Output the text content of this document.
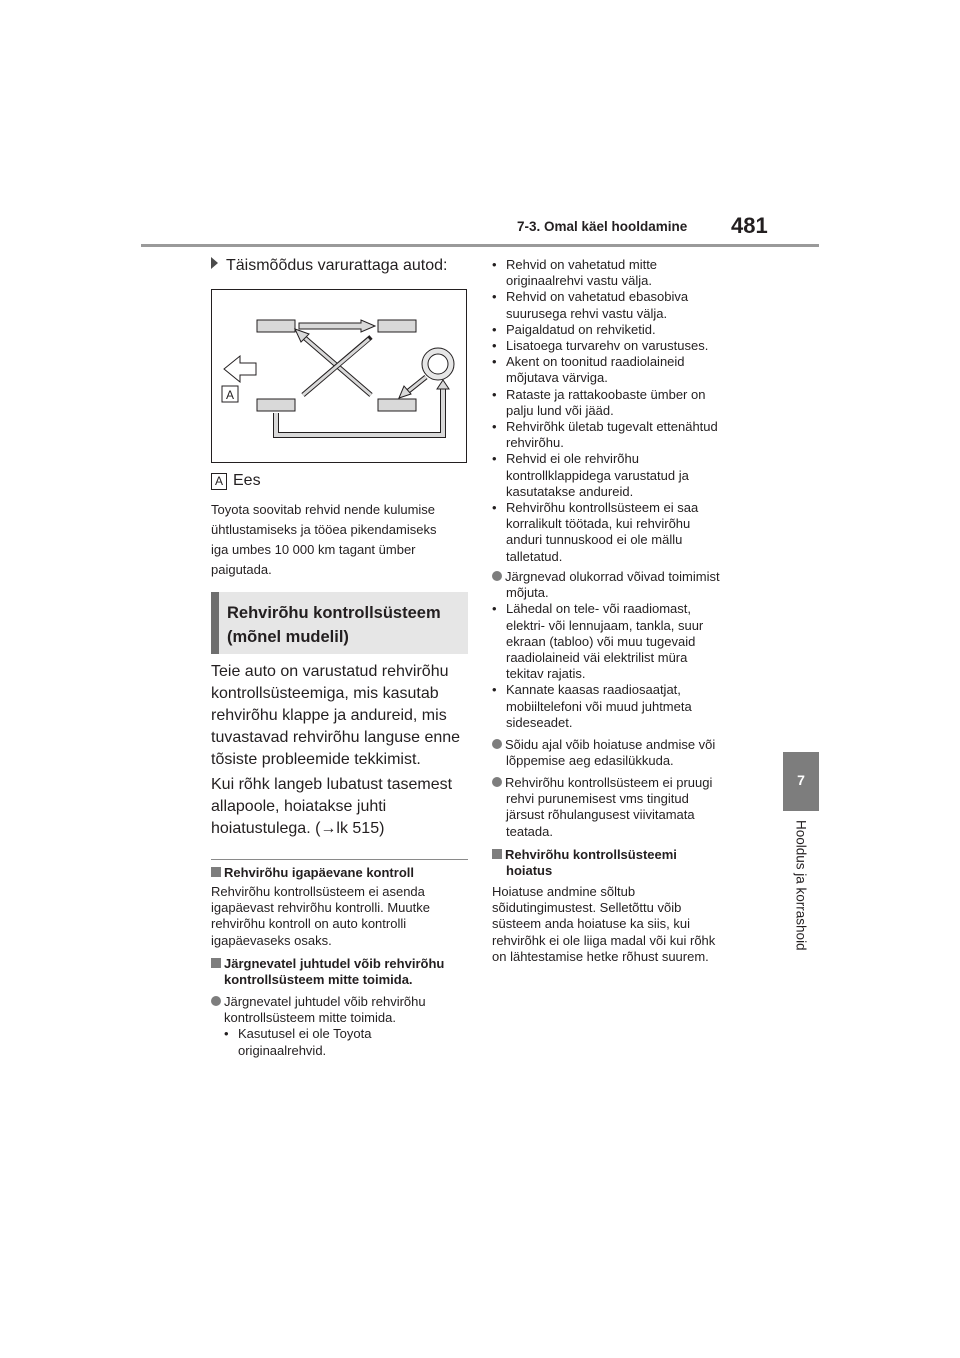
7-3. Omal käel hooldamine 481
7
Hooldus ja korrashoid
Täismõõdus varurattaga autod:
A
A Ees
Toyota soovitab rehvid nende kulumise
ühtlustamiseks ja tööea pikendamiseks
iga umbes 10 000 km tagant ümber
paigutada.
Rehvirõhu kontrollsüsteem
(mõnel mudelil)
Teie auto on varustatud rehvirõhu
kontrollsüsteemiga, mis kasutab
rehvirõhu klappe ja andureid, mis
tuvastavad rehvirõhu languse enne
tõsiste probleemide tekkimist.
Kui rõhk langeb lubatust tasemest
allapoole, hoiatakse juhti
hoiatustulega. (→lk 515)
Rehvirõhu igapäevane kontroll
Rehvirõhu kontrollsüsteem ei asenda
igapäevast rehvirõhu kontrolli. Muutke
rehvirõhu kontroll on auto kontrolli
igapäevaseks osaks.
Järgnevatel juhtudel võib rehvirõhu
kontrollsüsteem mitte toimida.
Järgnevatel juhtudel võib rehvirõhu
kontrollsüsteem mitte toimida.
• Kasutusel ei ole Toyota
originaalrehvid.
• Rehvid on vahetatud mitte
originaalrehvi vastu välja.
• Rehvid on vahetatud ebasobiva
suurusega rehvi vastu välja.
• Paigaldatud on rehviketid.
• Lisatoega turvarehv on varustuses.
• Akent on toonitud raadiolaineid
mõjutava värviga.
• Rataste ja rattakoobaste ümber on
palju lund või jääd.
• Rehvirõhk ületab tugevalt ettenähtud
rehvirõhu.
• Rehvid ei ole rehvirõhu
kontrollklappidega varustatud ja
kasutatakse andureid.
• Rehvirõhu kontrollsüsteem ei saa
korralikult töötada, kui rehvirõhu
anduri tunnuskood ei ole mällu
talletatud.
Järgnevad olukorrad võivad toimimist
mõjuta.
• Lähedal on tele- või raadiomast,
elektri- või lennujaam, tankla, suur
ekraan (tabloo) või muu tugevaid
raadiolaineid väi elektrilist müra
tekitav rajatis.
• Kannate kaasas raadiosaatjat,
mobiiltelefoni või muud juhtmeta
sideseadet.
Sõidu ajal võib hoiatuse andmise või
lõppemise aeg edasilükkuda.
Rehvirõhu kontrollsüsteem ei pruugi
rehvi purunemisest vms tingitud
järsust rõhulangusest viivitamata
teatada.
Rehvirõhu kontrollsüsteemi
hoiatus
Hoiatuse andmine sõltub
sõidutingimustest. Selletõttu võib
süsteem anda hoiatuse ka siis, kui
rehvirõhk ei ole liiga madal või kui rõhk
on lähtestamise hetke rõhust suurem.
